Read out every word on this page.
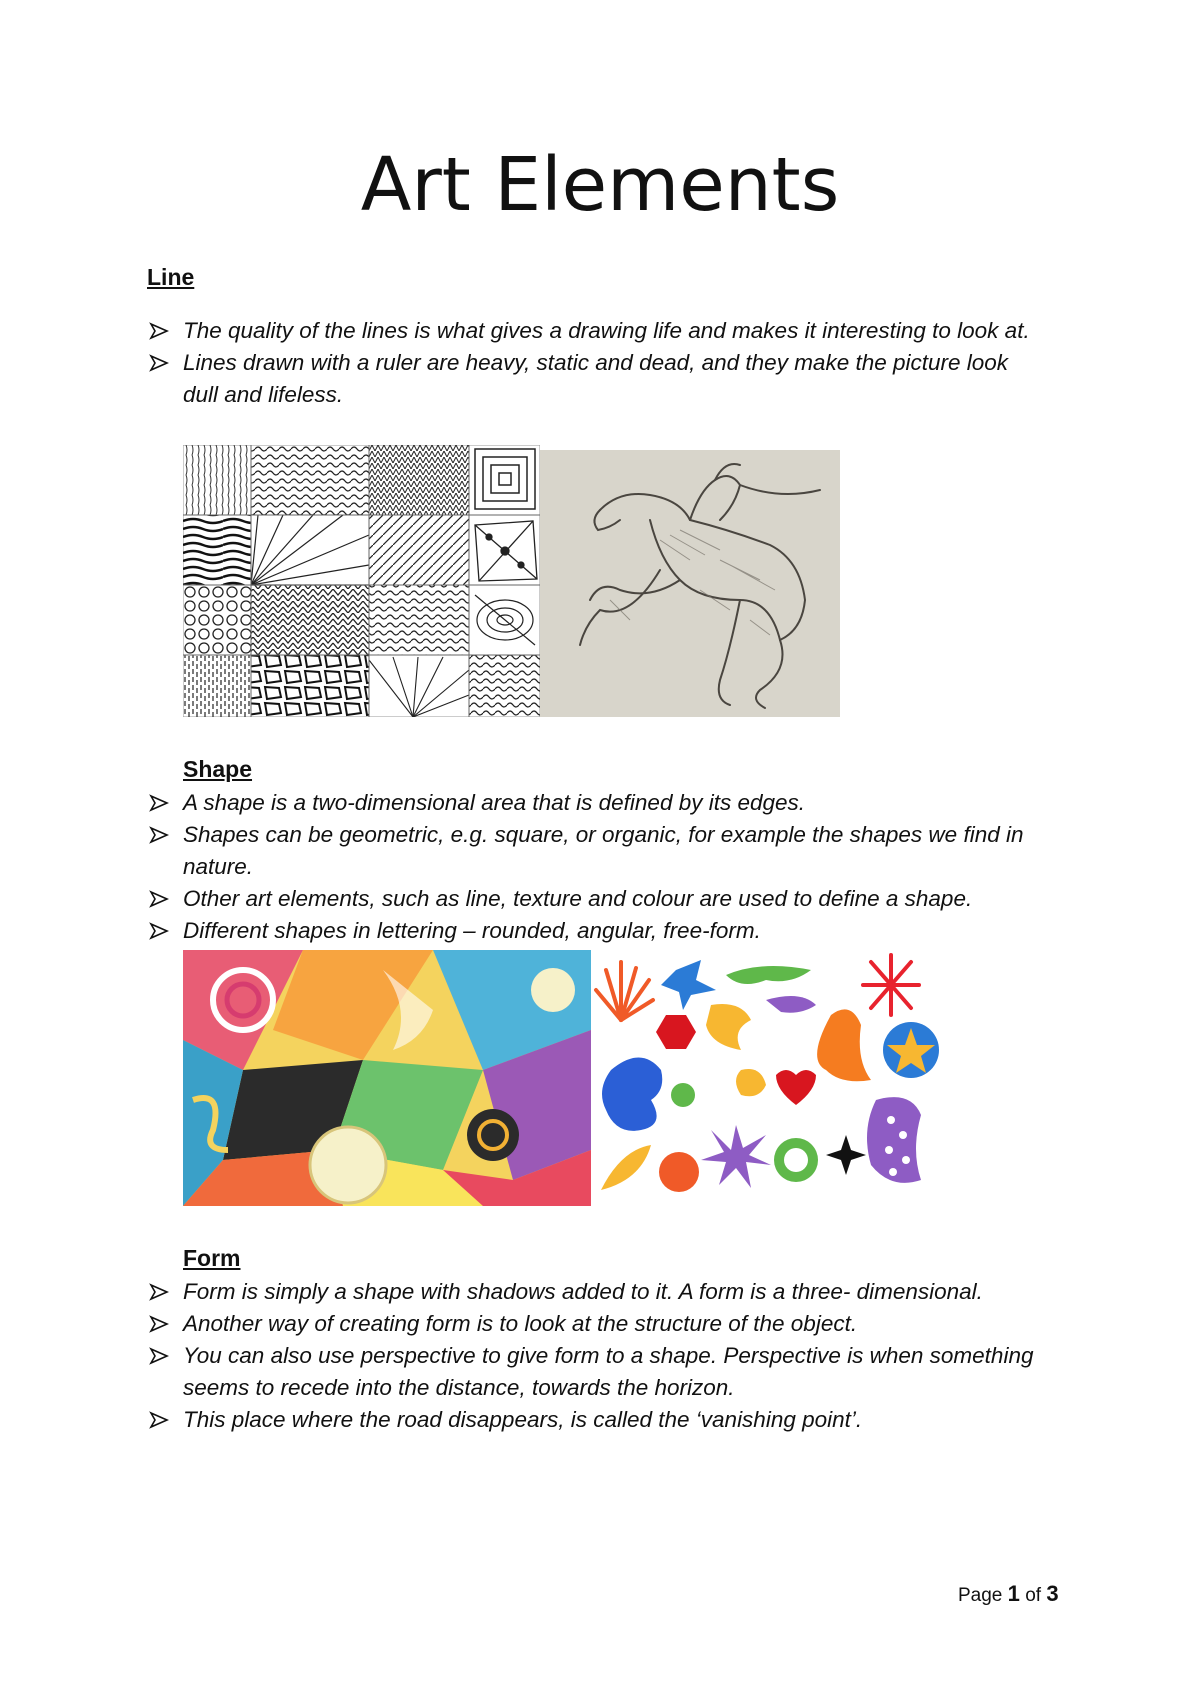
Art Elements
Line
The quality of the lines is what gives a drawing life and makes it interesting to look at.
Lines drawn with a ruler are heavy, static and dead, and they make the picture look dull and lifeless.
Shape
A shape is a two-dimensional area that is defined by its edges.
Shapes can be geometric, e.g. square, or organic, for example the shapes we find in nature.
Other art elements, such as line, texture and colour are used to define a shape.
Different shapes in lettering – rounded, angular, free-form.
Form
Form is simply a shape with shadows added to it. A form is a three- dimensional.
Another way of creating form is to look at the structure of the object.
You can also use perspective to give form to a shape. Perspective is when something seems to recede into the distance, towards the horizon.
This place where the road disappears, is called the ‘vanishing point’.
Page 1 of 3
